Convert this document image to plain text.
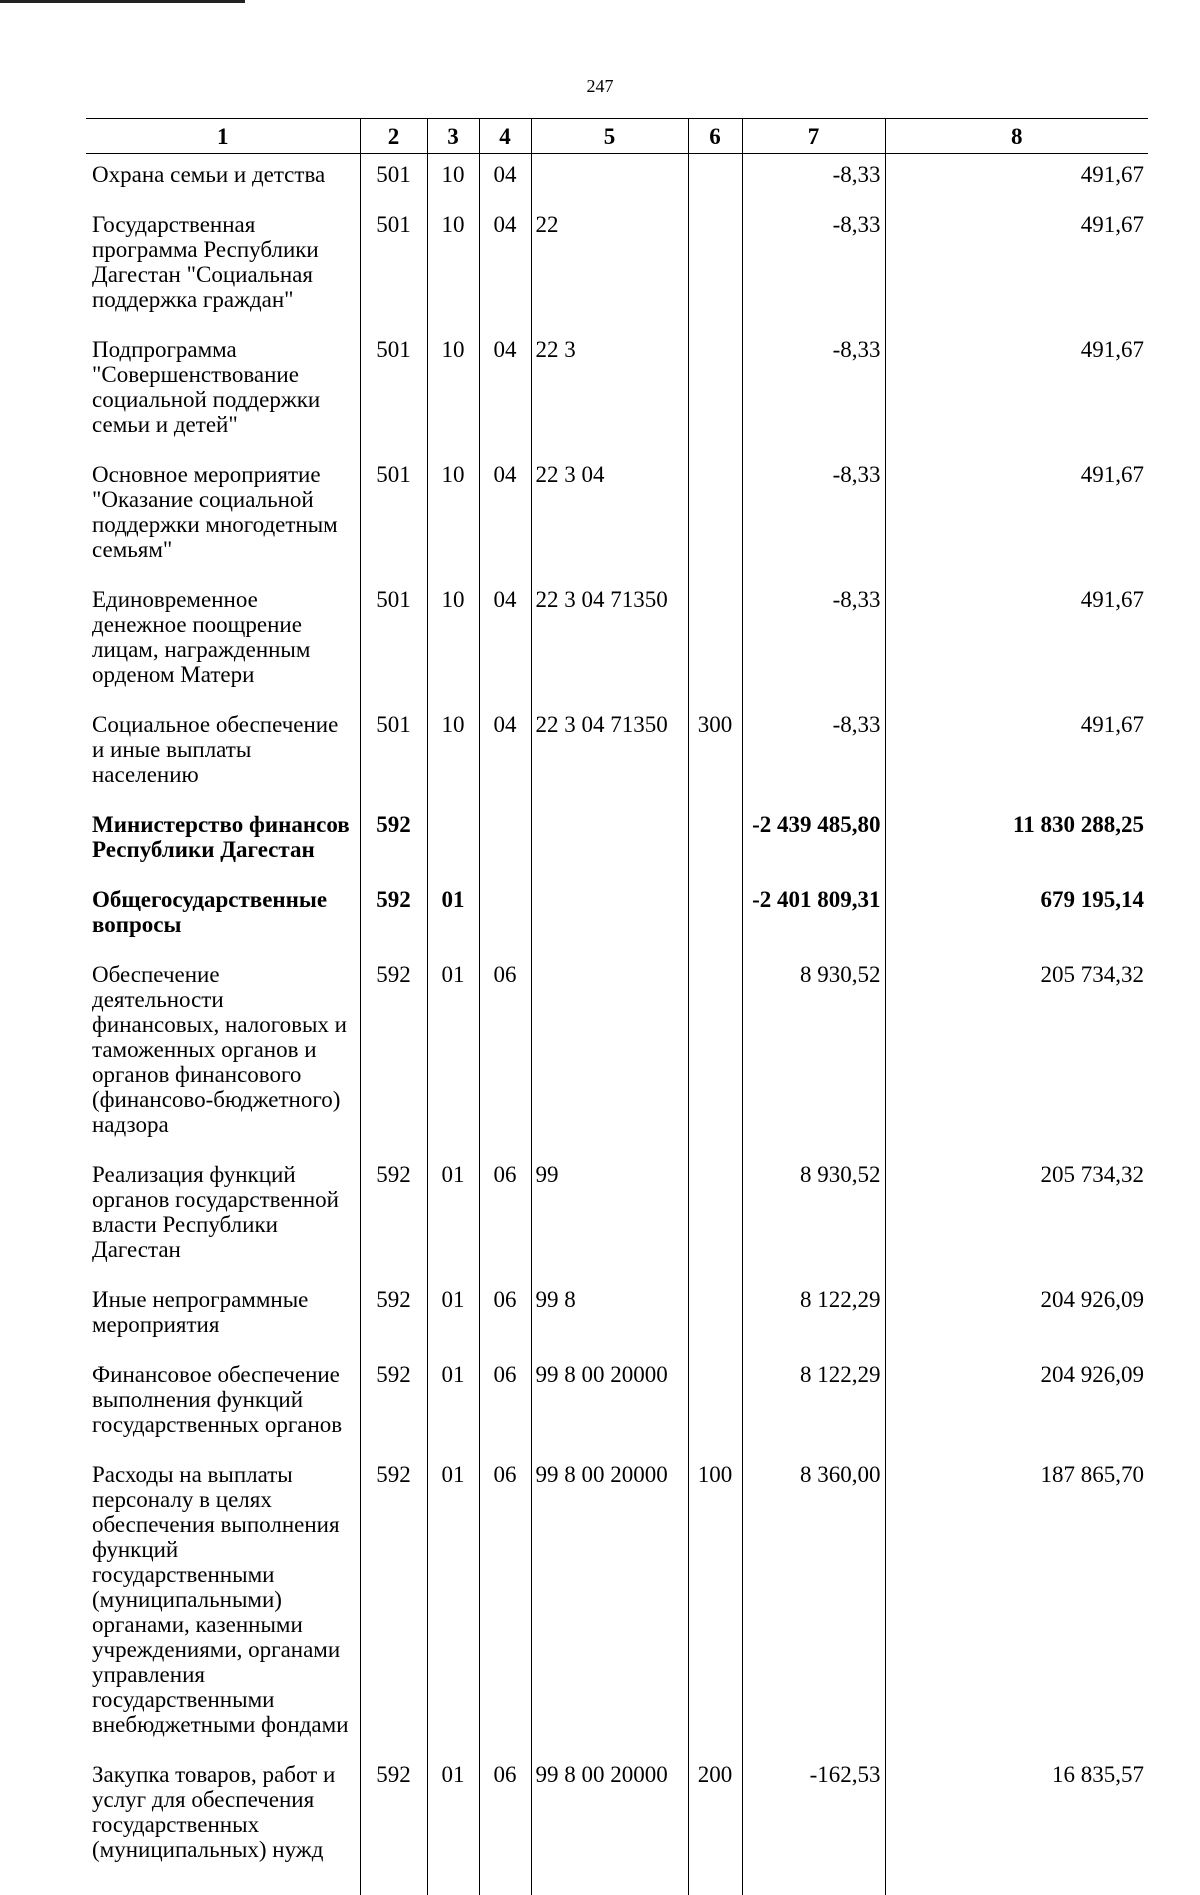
247
1	2	3	4	5	6	7	8
Охрана семьи и детства	501	10	04			-8,33	491,67
Государственная программа Республики Дагестан "Социальная поддержка граждан"	501	10	04	22		-8,33	491,67
Подпрограмма "Совершенствование социальной поддержки семьи и детей"	501	10	04	22 3		-8,33	491,67
Основное мероприятие "Оказание социальной поддержки многодетным семьям"	501	10	04	22 3 04		-8,33	491,67
Единовременное денежное поощрение лицам, награжденным орденом Матери	501	10	04	22 3 04 71350		-8,33	491,67
Социальное обеспечение и иные выплаты населению	501	10	04	22 3 04 71350	300	-8,33	491,67
Министерство финансов Республики Дагестан	592					-2 439 485,80	11 830 288,25
Общегосударственные вопросы	592	01				-2 401 809,31	679 195,14
Обеспечение деятельности финансовых, налоговых и таможенных органов и органов финансового (финансово-бюджетного) надзора	592	01	06			8 930,52	205 734,32
Реализация функций органов государственной власти Республики Дагестан	592	01	06	99		8 930,52	205 734,32
Иные непрограммные мероприятия	592	01	06	99 8		8 122,29	204 926,09
Финансовое обеспечение выполнения функций государственных органов	592	01	06	99 8 00 20000		8 122,29	204 926,09
Расходы на выплаты персоналу в целях обеспечения выполнения функций государственными (муниципальными) органами, казенными учреждениями, органами управления государственными внебюджетными фондами	592	01	06	99 8 00 20000	100	8 360,00	187 865,70
Закупка товаров, работ и услуг для обеспечения государственных (муниципальных) нужд	592	01	06	99 8 00 20000	200	-162,53	16 835,57
